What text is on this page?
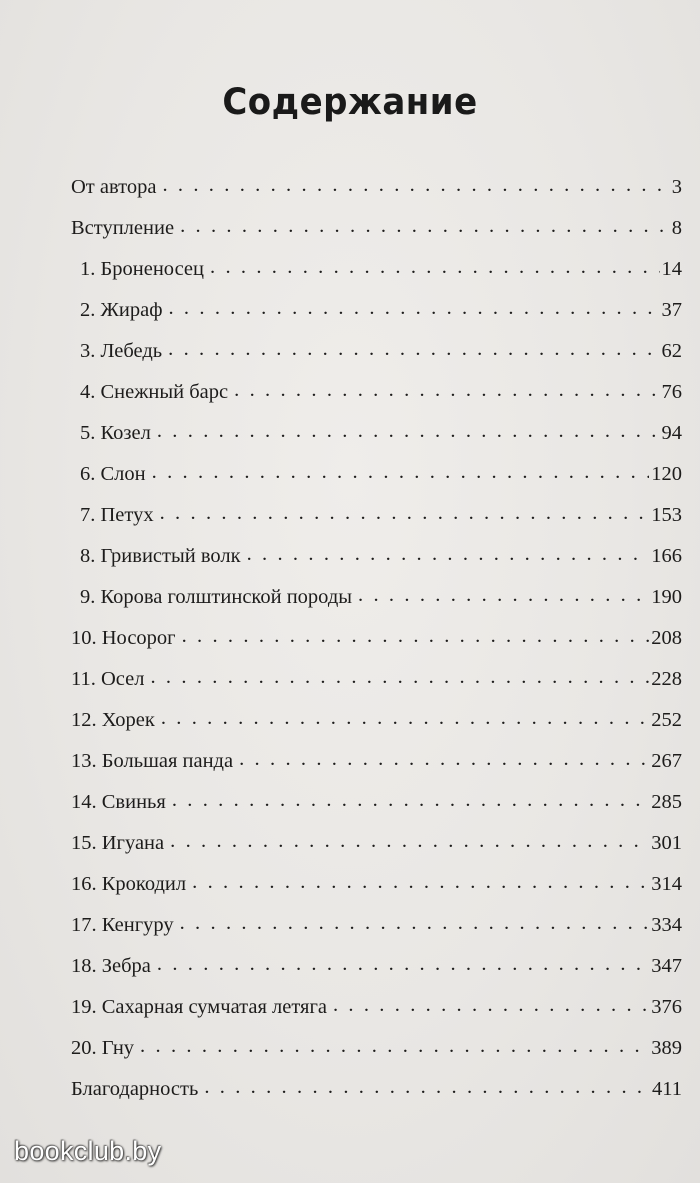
Содержание
От автора . . .	3
Вступление . . .	8
1. Броненосец . . .	14
2. Жираф . . .	37
3. Лебедь . . .	62
4. Снежный барс . . .	76
5. Козел . . .	94
6. Слон . . .	120
7. Петух . . .	153
8. Гривистый волк . . .	166
9. Корова голштинской породы . . .	190
10. Носорог . . .	208
11. Осел . . .	228
12. Хорек . . .	252
13. Большая панда . . .	267
14. Свинья . . .	285
15. Игуана . . .	301
16. Крокодил . . .	314
17. Кенгуру . . .	334
18. Зебра . . .	347
19. Сахарная сумчатая летяга . . .	376
20. Гну . . .	389
Благодарность . . .	411
bookclub.by
